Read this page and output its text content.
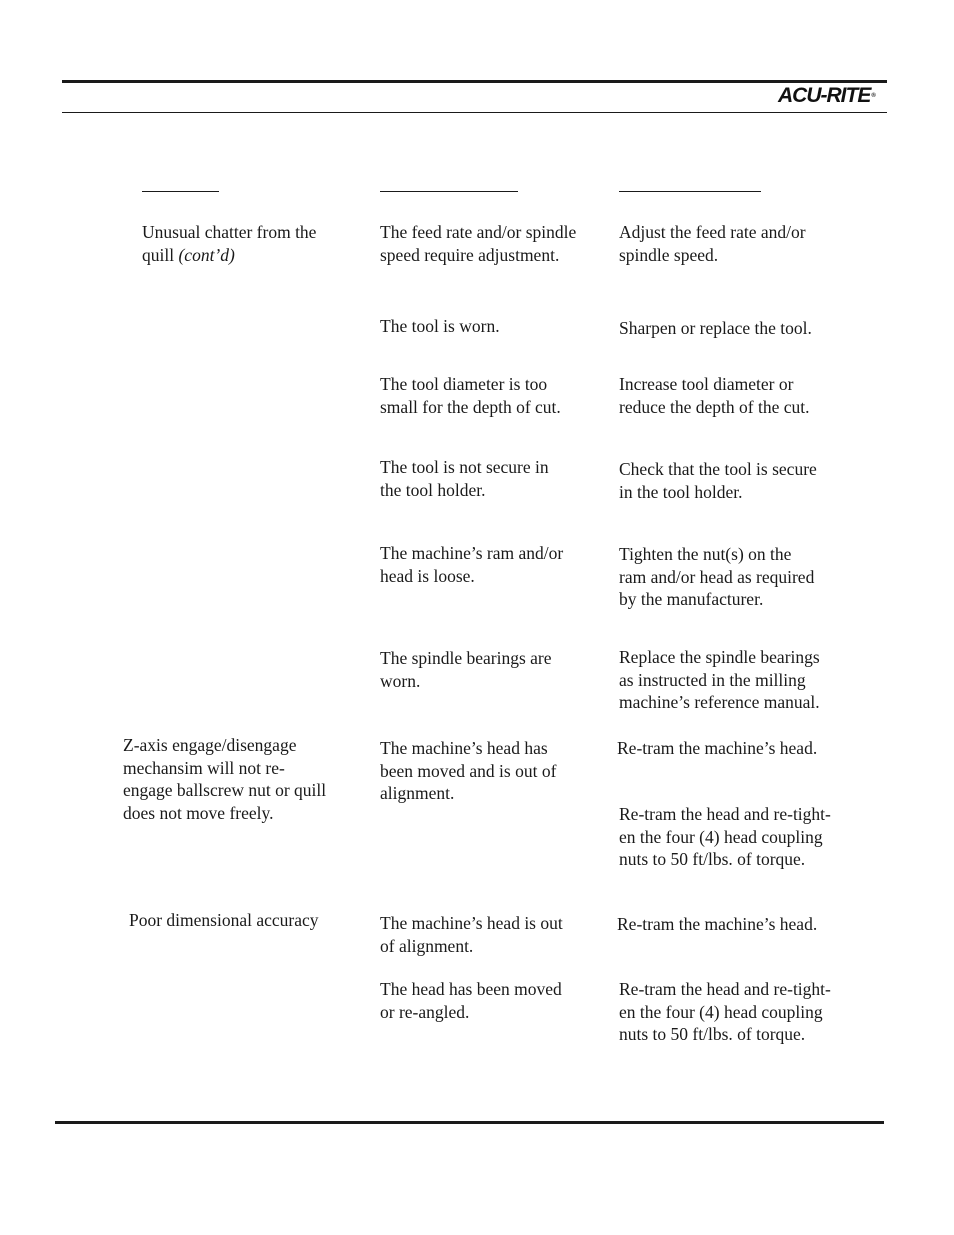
ACU-RITE®
Unusual chatter from the
quill (cont’d)
The feed rate and/or spindle
speed require adjustment.
Adjust the feed rate and/or
spindle speed.
The tool is worn.	Sharpen or replace the tool.
The tool diameter is too
small for the depth of cut.
Increase tool diameter or
reduce the depth of the cut.
The tool is not secure in
the tool holder.
Check that the tool is secure
in the tool holder.
The machine’s ram and/or
head is loose.
Tighten the nut(s) on the
ram and/or head as required
by the manufacturer.
The spindle bearings are
worn.
Replace the spindle bearings
as instructed in the milling
machine’s reference manual.
Z-axis engage/disengage
mechansim will not re-
engage ballscrew nut or quill
does not move freely.
The machine’s head has
been moved and is out of
alignment.
Re-tram the machine’s head.
Re-tram the head and re-tight-
en the four (4) head coupling
nuts to 50 ft/lbs. of torque.
Poor dimensional accuracy	The machine’s head is out
of alignment.
Re-tram the machine’s head.
The head has been moved
or re-angled.
Re-tram the head and re-tight-
en the four (4) head coupling
nuts to 50 ft/lbs. of torque.
